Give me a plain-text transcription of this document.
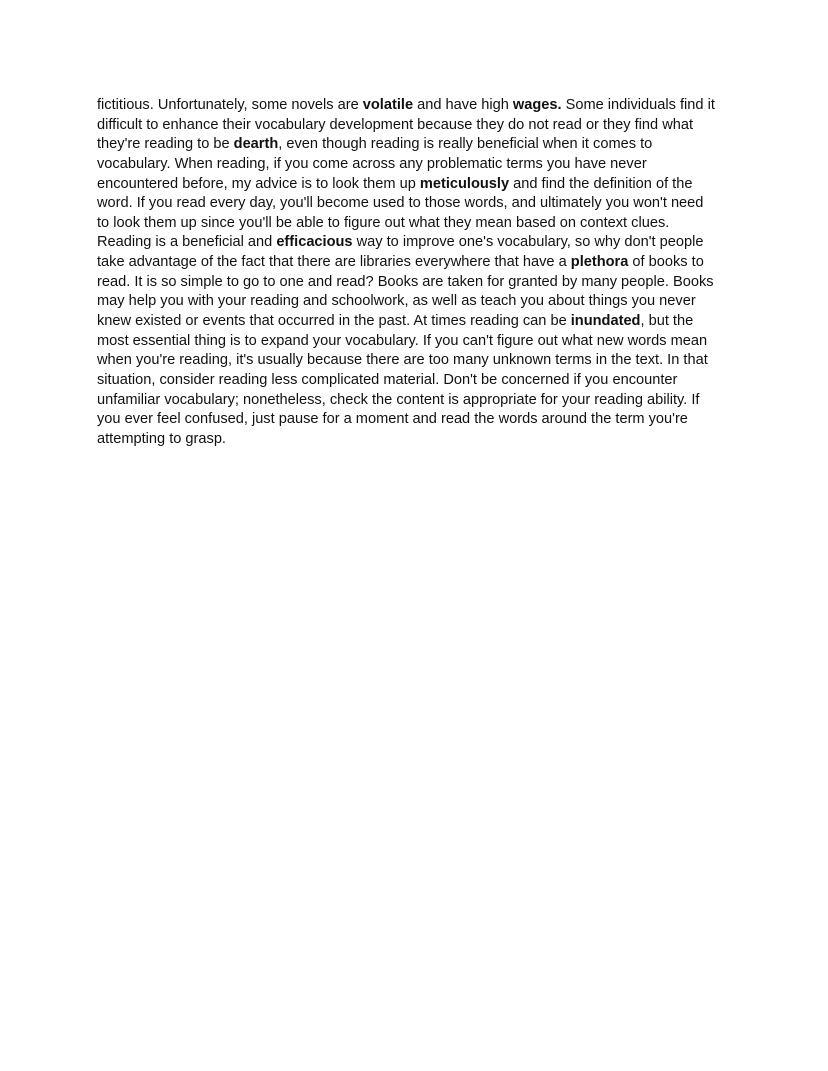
fictitious. Unfortunately, some novels are volatile and have high wages. Some individuals find it
difficult to enhance their vocabulary development because they do not read or they find what
they're reading to be dearth, even though reading is really beneficial when it comes to
vocabulary. When reading, if you come across any problematic terms you have never
encountered before, my advice is to look them up meticulously and find the definition of the
word. If you read every day, you'll become used to those words, and ultimately you won't need
to look them up since you'll be able to figure out what they mean based on context clues.
Reading is a beneficial and efficacious way to improve one's vocabulary, so why don't people
take advantage of the fact that there are libraries everywhere that have a plethora of books to
read. It is so simple to go to one and read? Books are taken for granted by many people. Books
may help you with your reading and schoolwork, as well as teach you about things you never
knew existed or events that occurred in the past. At times reading can be inundated, but the
most essential thing is to expand your vocabulary. If you can't figure out what new words mean
when you're reading, it's usually because there are too many unknown terms in the text. In that
situation, consider reading less complicated material. Don't be concerned if you encounter
unfamiliar vocabulary; nonetheless, check the content is appropriate for your reading ability. If
you ever feel confused, just pause for a moment and read the words around the term you're
attempting to grasp.
